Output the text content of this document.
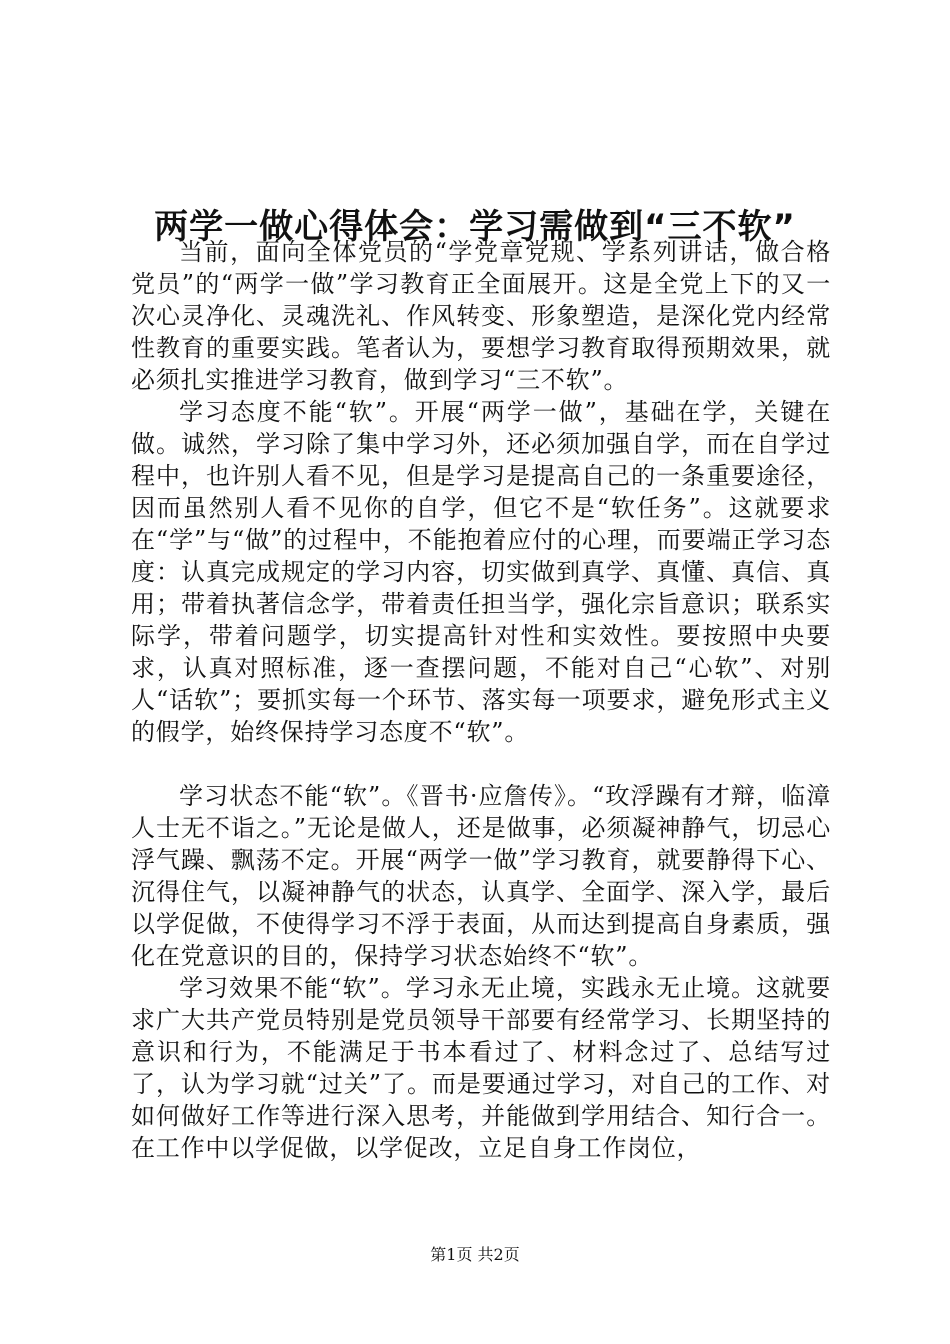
两学一做心得体会：学习需做到“三不软”

当前，面向全体党员的“学党章党规、学系列讲话，做合格党员”的“两学一做”学习教育正全面展开。这是全党上下的又一次心灵净化、灵魂洗礼、作风转变、形象塑造，是深化党内经常性教育的重要实践。笔者认为，要想学习教育取得预期效果，就必须扎实推进学习教育，做到学习“三不软”。

学习态度不能“软”。开展“两学一做”，基础在学，关键在做。诚然，学习除了集中学习外，还必须加强自学，而在自学过程中，也许别人看不见，但是学习是提高自己的一条重要途径，因而虽然别人看不见你的自学，但它不是“软任务”。这就要求在“学”与“做”的过程中，不能抱着应付的心理，而要端正学习态度：认真完成规定的学习内容，切实做到真学、真懂、真信、真用；带着执著信念学，带着责任担当学，强化宗旨意识；联系实际学，带着问题学，切实提高针对性和实效性。要按照中央要求，认真对照标准，逐一查摆问题，不能对自己“心软”、对别人“话软”；要抓实每一个环节、落实每一项要求，避免形式主义的假学，始终保持学习态度不“软”。

学习状态不能“软”。《晋书·应詹传》。“玫浮躁有才辩，临漳人士无不诣之。”无论是做人，还是做事，必须凝神静气，切忌心浮气躁、飘荡不定。开展“两学一做”学习教育，就要静得下心、沉得住气，以凝神静气的状态，认真学、全面学、深入学，最后以学促做，不使得学习不浮于表面，从而达到提高自身素质，强化在党意识的目的，保持学习状态始终不“软”。

学习效果不能“软”。学习永无止境，实践永无止境。这就要求广大共产党员特别是党员领导干部要有经常学习、长期坚持的意识和行为，不能满足于书本看过了、材料念过了、总结写过了，认为学习就“过关”了。而是要通过学习，对自己的工作、对如何做好工作等进行深入思考，并能做到学用结合、知行合一。在工作中以学促做，以学促改，立足自身工作岗位，

第1页 共2页
